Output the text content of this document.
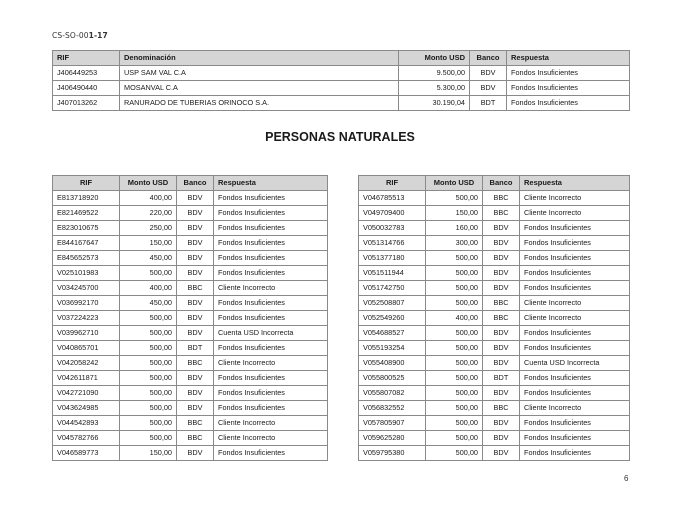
CS-SO-001-17
RIF	Denominación	Monto USD	Banco	Respuesta
J406449253	USP SAM VAL C.A	9.500,00	BDV	Fondos Insuficientes
J406490440	MOSANVAL C.A	5.300,00	BDV	Fondos Insuficientes
J407013262	RANURADO DE TUBERIAS ORINOCO S.A.	30.190,04	BDT	Fondos Insuficientes
PERSONAS NATURALES
RIF	Monto USD	Banco	Respuesta
E813718920	400,00	BDV	Fondos Insuficientes
E821469522	220,00	BDV	Fondos Insuficientes
E823010675	250,00	BDV	Fondos Insuficientes
E844167647	150,00	BDV	Fondos Insuficientes
E845652573	450,00	BDV	Fondos Insuficientes
V025101983	500,00	BDV	Fondos Insuficientes
V034245700	400,00	BBC	Cliente Incorrecto
V036992170	450,00	BDV	Fondos Insuficientes
V037224223	500,00	BDV	Fondos Insuficientes
V039962710	500,00	BDV	Cuenta USD Incorrecta
V040865701	500,00	BDT	Fondos Insuficientes
V042058242	500,00	BBC	Cliente Incorrecto
V042611871	500,00	BDV	Fondos Insuficientes
V042721090	500,00	BDV	Fondos Insuficientes
V043624985	500,00	BDV	Fondos Insuficientes
V044542893	500,00	BBC	Cliente Incorrecto
V045782766	500,00	BBC	Cliente Incorrecto
V046589773	150,00	BDV	Fondos Insuficientes
RIF	Monto USD	Banco	Respuesta
V046785513	500,00	BBC	Cliente Incorrecto
V049709400	150,00	BBC	Cliente Incorrecto
V050032783	160,00	BDV	Fondos Insuficientes
V051314766	300,00	BDV	Fondos Insuficientes
V051377180	500,00	BDV	Fondos Insuficientes
V051511944	500,00	BDV	Fondos Insuficientes
V051742750	500,00	BDV	Fondos Insuficientes
V052508807	500,00	BBC	Cliente Incorrecto
V052549260	400,00	BBC	Cliente Incorrecto
V054688527	500,00	BDV	Fondos Insuficientes
V055193254	500,00	BDV	Fondos Insuficientes
V055408900	500,00	BDV	Cuenta USD Incorrecta
V055800525	500,00	BDT	Fondos Insuficientes
V055807082	500,00	BDV	Fondos Insuficientes
V056832552	500,00	BBC	Cliente Incorrecto
V057805907	500,00	BDV	Fondos Insuficientes
V059625280	500,00	BDV	Fondos Insuficientes
V059795380	500,00	BDV	Fondos Insuficientes
6
